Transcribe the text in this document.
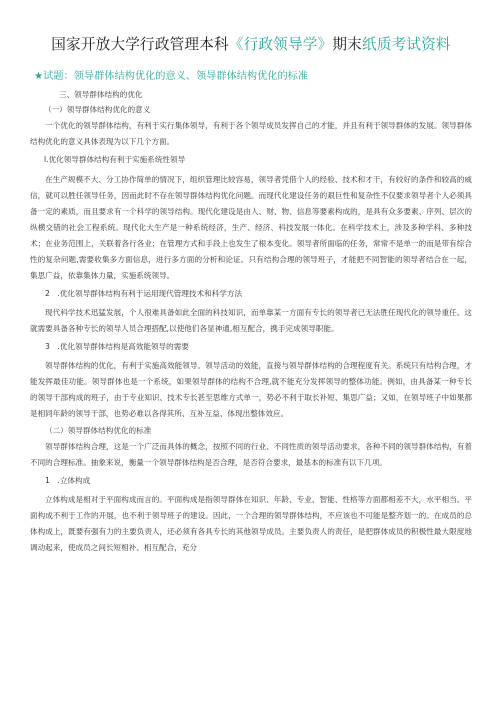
国家开放大学行政管理本科《行政领导学》期末纸质考试资料
★试题：领导群体结构优化的意义、领导群体结构优化的标准
三、领导群体结构的优化
（一）领导群体结构优化的意义

一个优化的领导群体结构，有利于实行集体领导，有利于各个领导成员发挥自己的才能，并且有利于领导群体的发展。领导群体结构优化的意义具体表现为以下几个方面。

l.优化领导群体结构有利于实施系统性领导

在生产规模不大、分工协作简单的情况下，组织管理比较容易，领导者凭借个人的经验、技术和才干，有较好的条件和较高的威信，就可以胜任领导任务，因而此时不存在领导群体结构优化问题。而现代化建设任务的艰巨性和复杂性不仅要求领导者个人必须具备一定的素质，而且要求有一个科学的领导结构。现代化建设是由人、财、物、信息等要素构成的，是具有众多要素、序列、层次的纵横交错的社会工程系统。现代化大生产是一种系统经济，生产、经济、科技发展一体化。在科学技术上，涉及多种学科、多种技术；在业务范围上，关联着各行各业；在管理方式和手段上也发生了根本变化。领导者所面临的任务，常常不是单一的而是带有综合性的复杂问题,需要收集多方面信息，进行多方面的分析和论证。只有结构合理的领导班子，才能把不同智能的领导者结合在一起，集思广益，依靠集体力量，实施系统领导。

2　.优化领导群体结构有利于运用现代管理技术和科学方法

现代科学技术迅猛发展，个人很难具备如此全面的科技知识，而单靠某一方面有专长的领导者已无法胜任现代化的领导重任。这就需要具备各种专长的领导人员合理搭配,以使他们各显神通,相互配合，携手完成领导职能。

3　.优化领导群体结构是高效能领导的需要

领导群体结构的优化，有利于实施高效能领导。领导活动的效能，直接与领导群体结构的合理程度有关。系统只有结构合理，才能发挥最佳功能。领导群体也是一个系统，如果领导群体的结构不合理,就不能充分发挥领导的整体功能。例如，由具备某一种专长的领导干部构成的班子，由于专业知识、技术专长甚至思维方式单一，势必不利于取长补短、集思广益；又如，在领导班子中如果都是相同年龄的领导干部，也势必难以各得其所、互补互益、体现出整体效应。

（二）领导群体结构优化的标准

领导群体结构合理，这是一个广泛而具体的概念，按照不同的行业、不同性质的领导活动要求，各种不同的领导群体结构，有着不同的合理标准。抽象来说，衡量一个领导群体结构是否合理，是否符合要求，最基本的标准有以下几项。

1　.立体构成

立体构成是相对于平面构成而言的。平面构成是指领导群体在知识、年龄、专业、智能、性格等方面都相差不大，水平相当。平面构成不利于工作的开展，也不利于领导班子的建设。因此，一个合理的领导群体结构，不应该也不可能是整齐划一的。在成员的总体构成上，既要有强有力的主要负责人，还必须有各具专长的其他领导成员。主要负责人的责任，是把群体成员的积极性最大限度地调动起来，使成员之间长短相补、相互配合，充分
